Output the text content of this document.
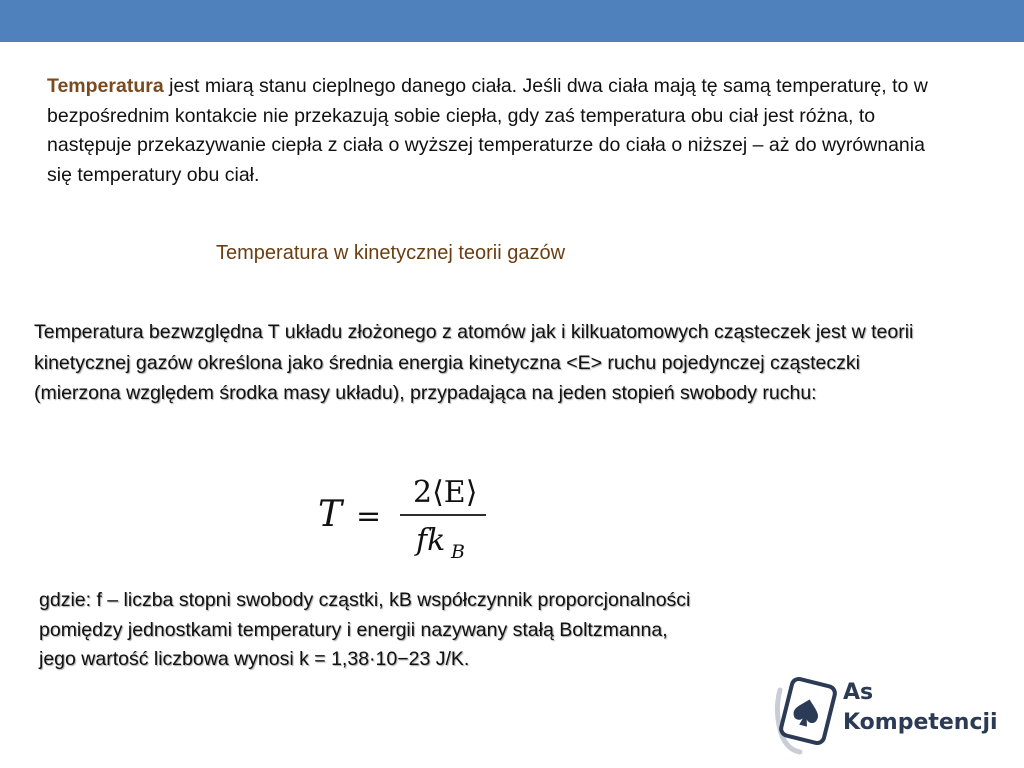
Temperatura jest miarą stanu cieplnego danego ciała. Jeśli dwa ciała mają tę samą temperaturę, to w bezpośrednim kontakcie nie przekazują sobie ciepła, gdy zaś temperatura obu ciał jest różna, to następuje przekazywanie ciepła z ciała o wyższej temperaturze do ciała o niższej – aż do wyrównania się temperatury obu ciał.

Temperatura w kinetycznej teorii gazów

Temperatura bezwzględna T układu złożonego z atomów jak i kilkuatomowych cząsteczek jest w teorii kinetycznej gazów określona jako średnia energia kinetyczna <E> ruchu pojedynczej cząsteczki (mierzona względem środka masy układu), przypadająca na jeden stopień swobody ruchu:

T =
2⟨E⟩
fk B
gdzie: f – liczba stopni swobody cząstki, kB współczynnik proporcjonalności
pomiędzy jednostkami temperatury i energii nazywany stałą Boltzmanna,
jego wartość liczbowa wynosi k = 1,38·10−23 J/K.
As
Kompetencji
